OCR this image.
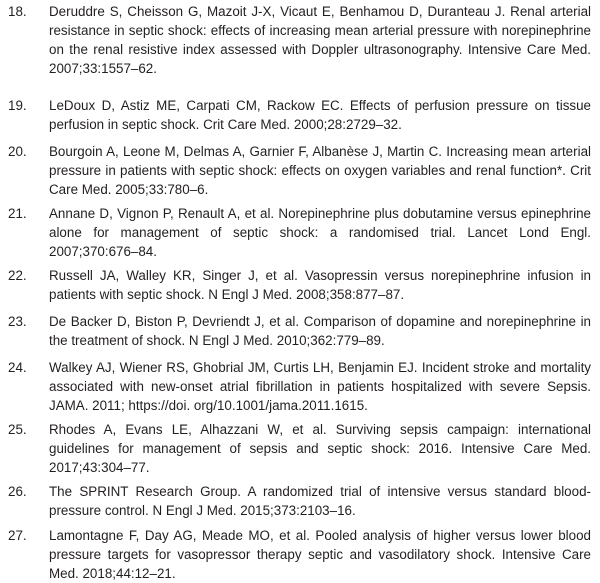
18. Deruddre S, Cheisson G, Mazoit J-X, Vicaut E, Benhamou D, Duranteau J. Renal arterial resistance in septic shock: effects of increasing mean arterial pressure with norepinephrine on the renal resistive index assessed with Doppler ultrasonography. Intensive Care Med. 2007;33:1557–62.
19. LeDoux D, Astiz ME, Carpati CM, Rackow EC. Effects of perfusion pressure on tissue perfusion in septic shock. Crit Care Med. 2000;28:2729–32.
20. Bourgoin A, Leone M, Delmas A, Garnier F, Albanèse J, Martin C. Increasing mean arterial pressure in patients with septic shock: effects on oxygen variables and renal function*. Crit Care Med. 2005;33:780–6.
21. Annane D, Vignon P, Renault A, et al. Norepinephrine plus dobutamine versus epinephrine alone for management of septic shock: a randomised trial. Lancet Lond Engl. 2007;370:676–84.
22. Russell JA, Walley KR, Singer J, et al. Vasopressin versus norepinephrine infusion in patients with septic shock. N Engl J Med. 2008;358:877–87.
23. De Backer D, Biston P, Devriendt J, et al. Comparison of dopamine and norepinephrine in the treatment of shock. N Engl J Med. 2010;362:779–89.
24. Walkey AJ, Wiener RS, Ghobrial JM, Curtis LH, Benjamin EJ. Incident stroke and mortality associated with new-onset atrial fibrillation in patients hospitalized with severe Sepsis. JAMA. 2011; https://doi. org/10.1001/jama.2011.1615.
25. Rhodes A, Evans LE, Alhazzani W, et al. Surviving sepsis campaign: international guidelines for management of sepsis and septic shock: 2016. Intensive Care Med. 2017;43:304–77.
26. The SPRINT Research Group. A randomized trial of intensive versus standard blood-pressure control. N Engl J Med. 2015;373:2103–16.
27. Lamontagne F, Day AG, Meade MO, et al. Pooled analysis of higher versus lower blood pressure targets for vasopressor therapy septic and vasodilatory shock. Intensive Care Med. 2018;44:12–21.
